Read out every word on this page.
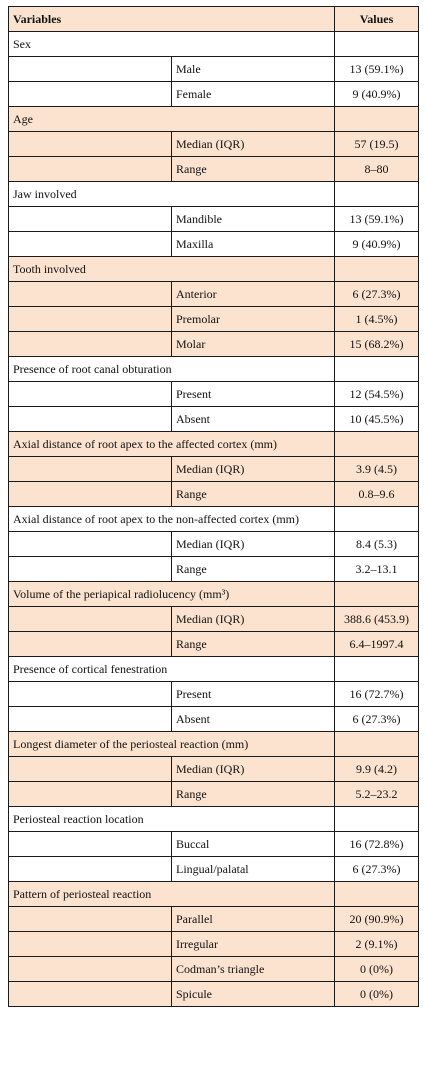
Variables		Values
Sex		
	Male	13 (59.1%)
	Female	9 (40.9%)
Age		
	Median (IQR)	57 (19.5)
	Range	8–80
Jaw involved		
	Mandible	13 (59.1%)
	Maxilla	9 (40.9%)
Tooth involved		
	Anterior	6 (27.3%)
	Premolar	1 (4.5%)
	Molar	15 (68.2%)
Presence of root canal obturation		
	Present	12 (54.5%)
	Absent	10 (45.5%)
Axial distance of root apex to the affected cortex (mm)		
	Median (IQR)	3.9 (4.5)
	Range	0.8–9.6
Axial distance of root apex to the non-affected cortex (mm)		
	Median (IQR)	8.4 (5.3)
	Range	3.2–13.1
Volume of the periapical radiolucency (mm³)		
	Median (IQR)	388.6 (453.9)
	Range	6.4–1997.4
Presence of cortical fenestration		
	Present	16 (72.7%)
	Absent	6 (27.3%)
Longest diameter of the periosteal reaction (mm)		
	Median (IQR)	9.9 (4.2)
	Range	5.2–23.2
Periosteal reaction location		
	Buccal	16 (72.8%)
	Lingual/palatal	6 (27.3%)
Pattern of periosteal reaction		
	Parallel	20 (90.9%)
	Irregular	2 (9.1%)
	Codman’s triangle	0 (0%)
	Spicule	0 (0%)
